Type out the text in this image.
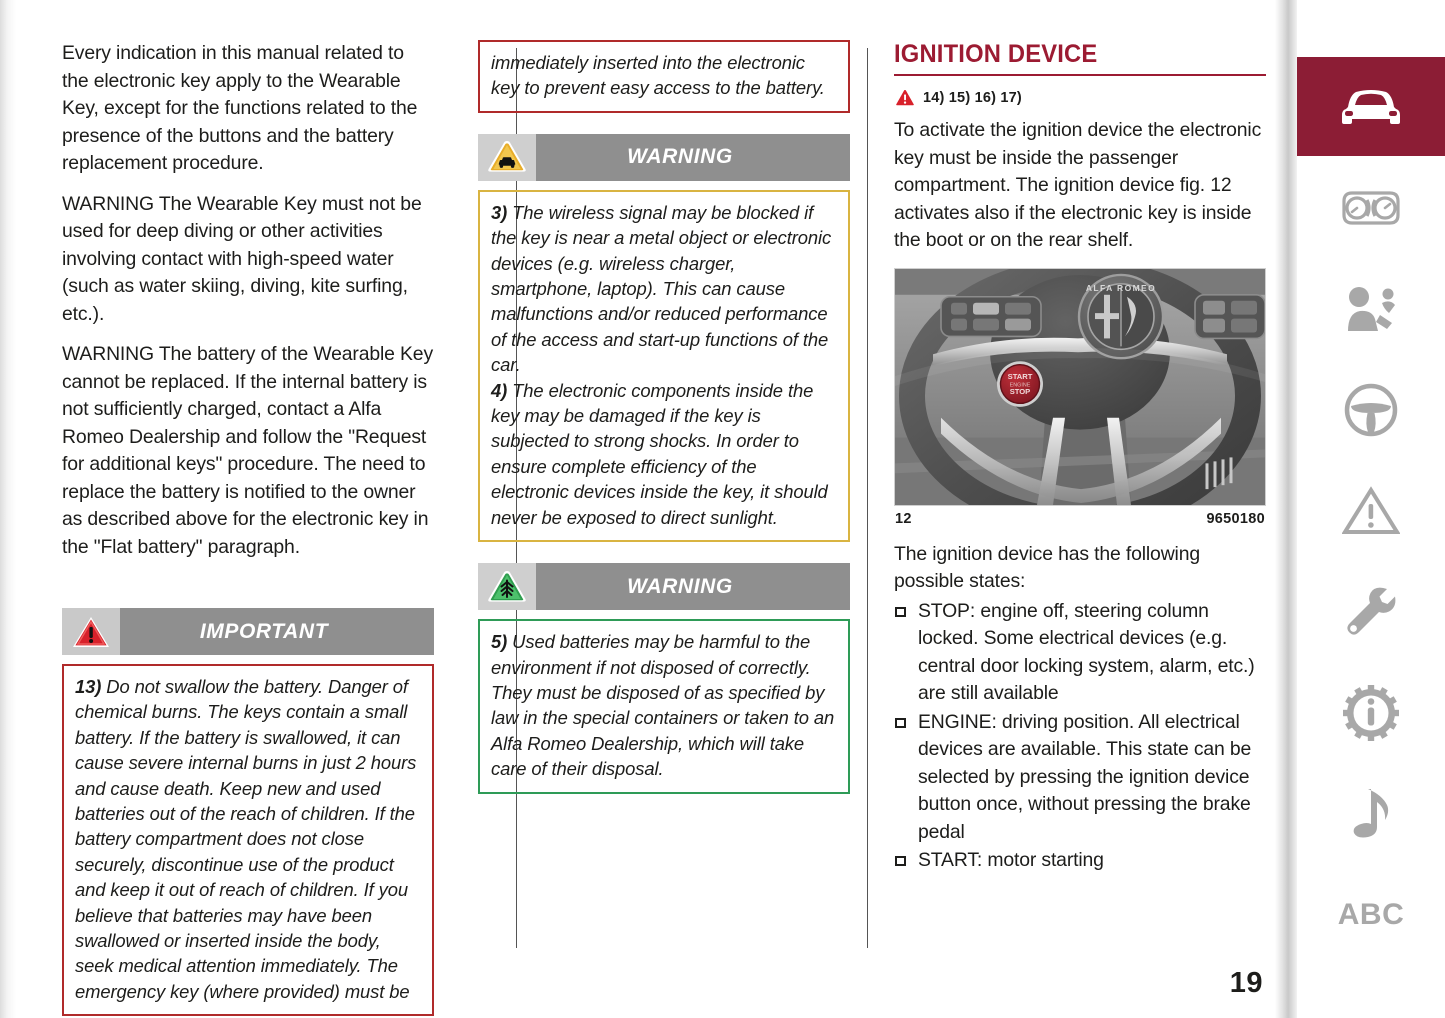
Every indication in this manual related to the electronic key apply to the Wearable Key, except for the functions related to the presence of the buttons and the battery replacement procedure.

WARNING The Wearable Key must not be used for deep diving or other activities involving contact with high-speed water (such as water skiing, diving, kite surfing, etc.).

WARNING The battery of the Wearable Key cannot be replaced. If the internal battery is not sufficiently charged, contact a Alfa Romeo Dealership and follow the "Request for additional keys" procedure. The need to replace the battery is notified to the owner as described above for the electronic key in the "Flat battery" paragraph.

IMPORTANT

13) Do not swallow the battery. Danger of chemical burns. The keys contain a small battery. If the battery is swallowed, it can cause severe internal burns in just 2 hours and cause death. Keep new and used batteries out of the reach of children. If the battery compartment does not close securely, discontinue use of the product and keep it out of reach of children. If you believe that batteries may have been swallowed or inserted inside the body, seek medical attention immediately. The emergency key (where provided) must be

immediately inserted into the electronic key to prevent easy access to the battery.

WARNING

3) The wireless signal may be blocked if the key is near a metal object or electronic devices (e.g. wireless charger, smartphone, laptop). This can cause malfunctions and/or reduced performance of the access and start-up functions of the car.

4) The electronic components inside the key may be damaged if the key is subjected to strong shocks. In order to ensure complete efficiency of the electronic devices inside the key, it should never be exposed to direct sunlight.

WARNING

5) Used batteries may be harmful to the environment if not disposed of correctly. They must be disposed of as specified by law in the special containers or taken to an Alfa Romeo Dealership, which will take care of their disposal.

IGNITION DEVICE
14) 15) 16) 17)

To activate the ignition device the electronic key must be inside the passenger compartment. The ignition device fig. 12 activates also if the electronic key is inside the boot or on the rear shelf.

ALFA ROMEO
START
ENGINE
STOP
12	9650180

The ignition device has the following possible states:

STOP: engine off, steering column locked. Some electrical devices (e.g. central door locking system, alarm, etc.) are still available
ENGINE: driving position. All electrical devices are available. This state can be selected by pressing the ignition device button once, without pressing the brake pedal
START: motor starting
19
ABC
